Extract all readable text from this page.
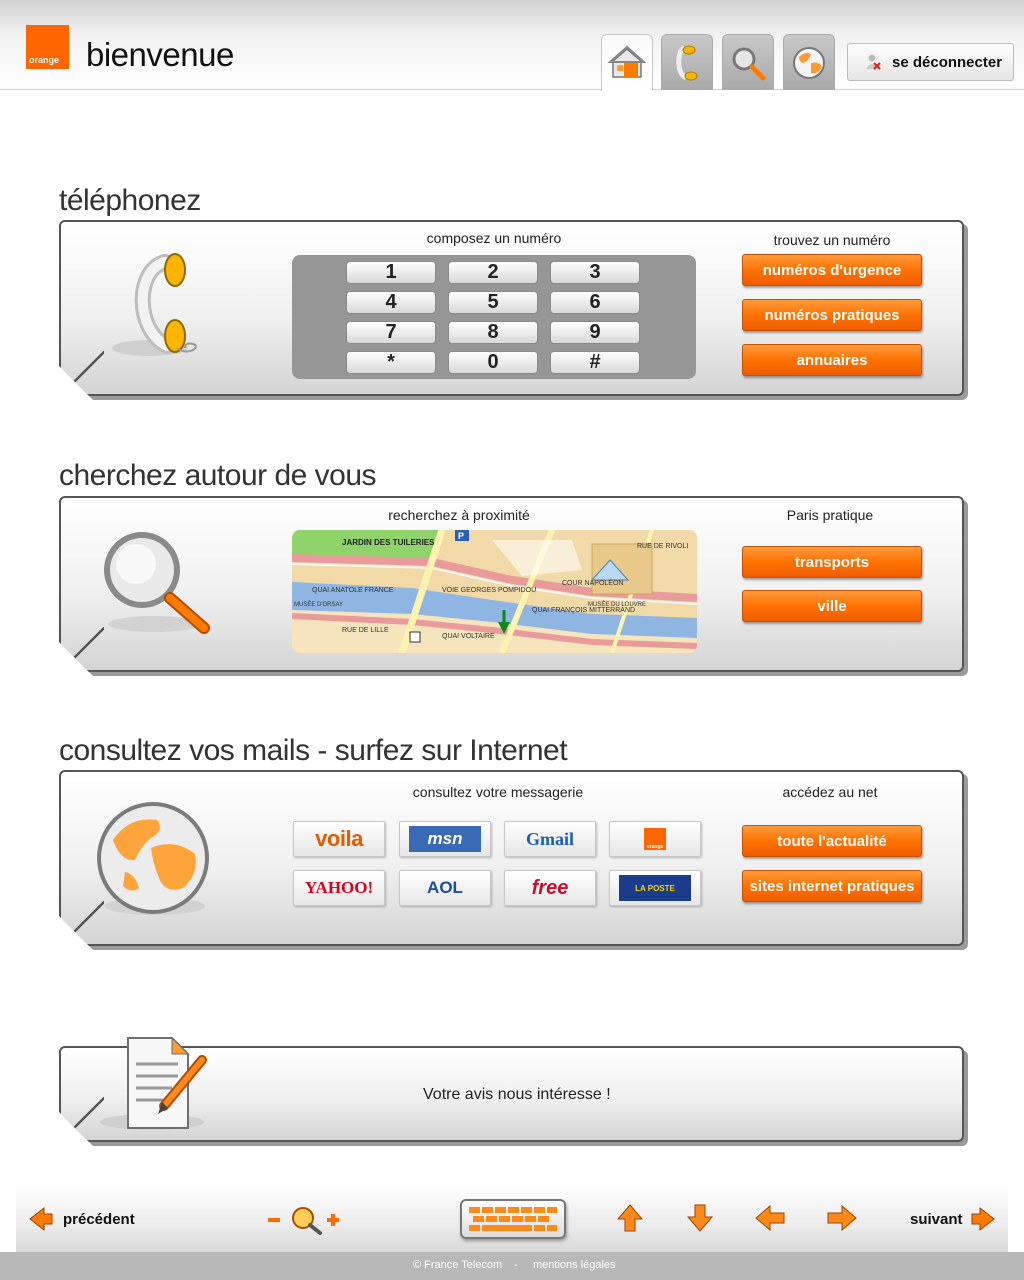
orange bienvenue	se déconnecter
téléphonez
composez un numéro
1	2	3
4	5	6
7	8	9
*	0	#
trouvez un numéro
numéros d'urgence
numéros pratiques
annuaires
cherchez autour de vous
recherchez à proximité
P
JARDIN DES TUILERIES	RUE DE RIVOLI
COUR NAPOLÉON
MUSÉE DU LOUVRE
MUSÉE D'ORSAY
QUAI ANATOLE FRANCE
QUAI FRANÇOIS MITTERRAND
VOIE GEORGES POMPIDOU
RUE DE LILLE
QUAI VOLTAIRE
Paris pratique
transports
ville
consultez vos mails - surfez sur Internet
consultez votre messagerie
voila	msn	Gmail	orange
YAHOO!	AOL	free	LA POSTE
accédez au net
toute l'actualité
sites internet pratiques
Votre avis nous intéresse !
précédent	suivant
© France Telecom - mentions légales
